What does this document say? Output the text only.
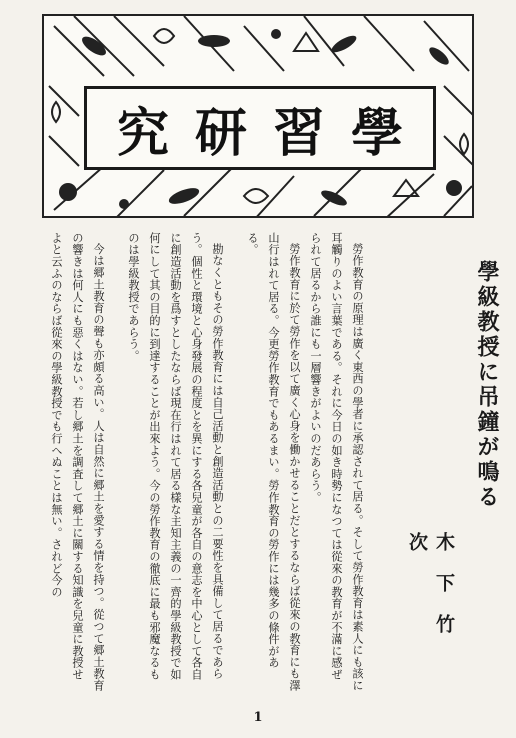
學習研究
學級教授に吊鐘が鳴る
木下竹次

勞作教育の原理は廣く東西の學者に承認されて居る。そして勞作教育は素人にも該に耳觸りのよい言葉である。それに今日の如き時勢になつては從來の教育が不滿に感ぜられて居るから誰にも一層響きがよいのだあらう。

勞作教育に於て勞作を以て廣く心身を働かせることだとするならば從來の教育にも澤山行はれて居る。今更勞作教育でもあるまい。勞作教育の勞作には幾多の條件がある。

勘なくともその勞作教育には自己活動と創造活動との二要性を具備して居るであらう。個性と環境と心身發展の程度とを異にする各兒童が各自の意志を中心として各自に創造活動を爲すとしたならば現在行はれて居る樣な主知主義の一齊的學級教授で如何にして其の目的に到達することが出來よう。今の勞作教育の徹底に最も邪魔なるものは學級教授であらう。

今は郷土教育の聲も亦頗る高い。人は自然に郷土を愛する情を持つ。從つて郷土教育の響きは何人にも惡くはない。若し郷土を調査して郷土に關する知識を兒童に教授せよと云ふのならば從來の學級教授でも行へぬことは無い。されど今の

1
